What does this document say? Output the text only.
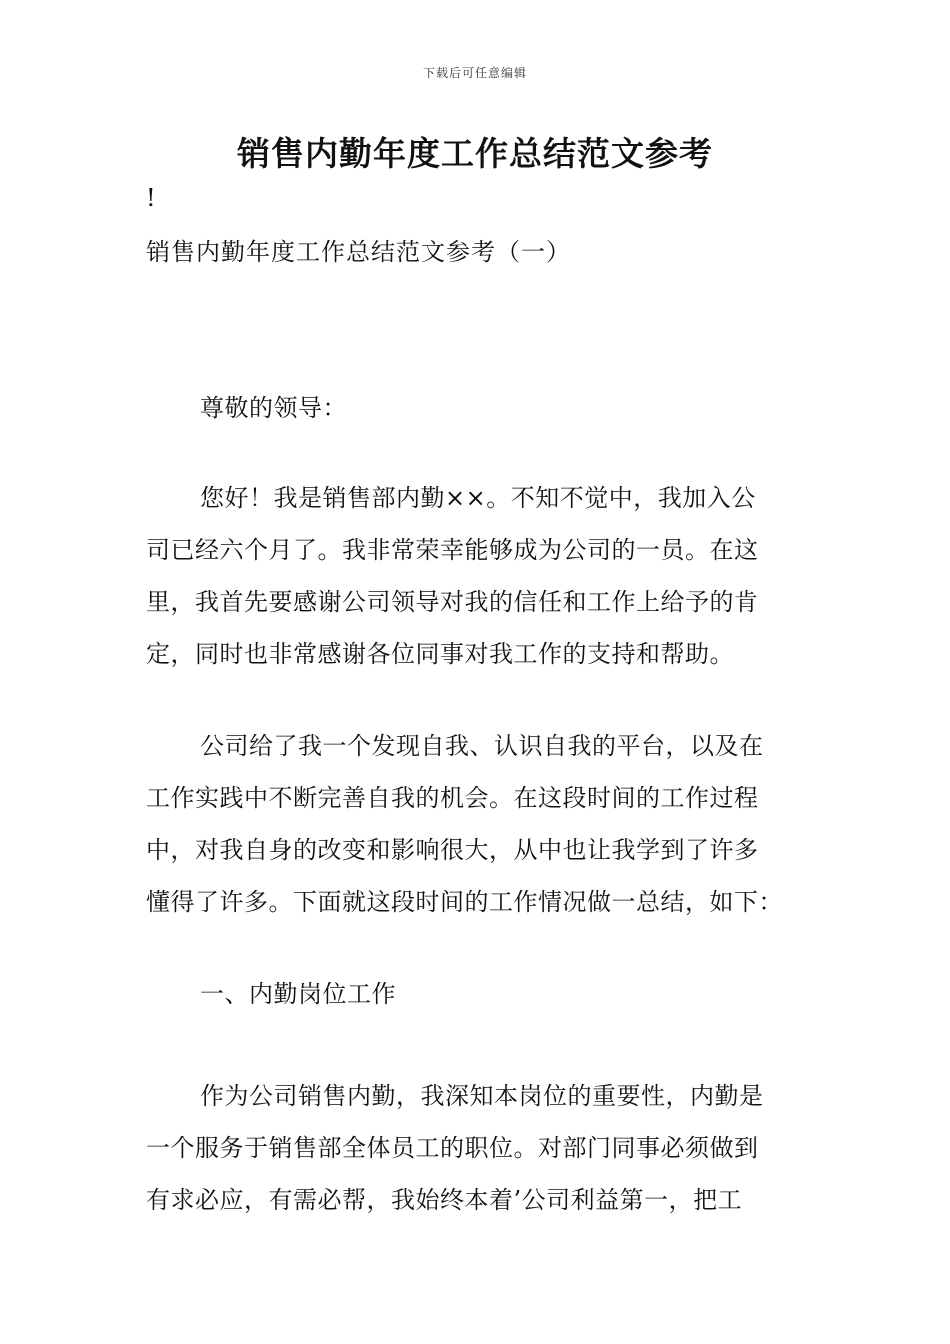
下载后可任意编辑
销售内勤年度工作总结范文参考
!
销售内勤年度工作总结范文参考（一）
尊敬的领导：
您好！我是销售部内勤××。不知不觉中，我加入公
司已经六个月了。我非常荣幸能够成为公司的一员。在这
里，我首先要感谢公司领导对我的信任和工作上给予的肯
定，同时也非常感谢各位同事对我工作的支持和帮助。
公司给了我一个发现自我、认识自我的平台，以及在
工作实践中不断完善自我的机会。在这段时间的工作过程
中，对我自身的改变和影响很大，从中也让我学到了许多
懂得了许多。下面就这段时间的工作情况做一总结，如下：
一、内勤岗位工作
作为公司销售内勤，我深知本岗位的重要性，内勤是
一个服务于销售部全体员工的职位。对部门同事必须做到
有求必应，有需必帮，我始终本着’公司利益第一，把工
